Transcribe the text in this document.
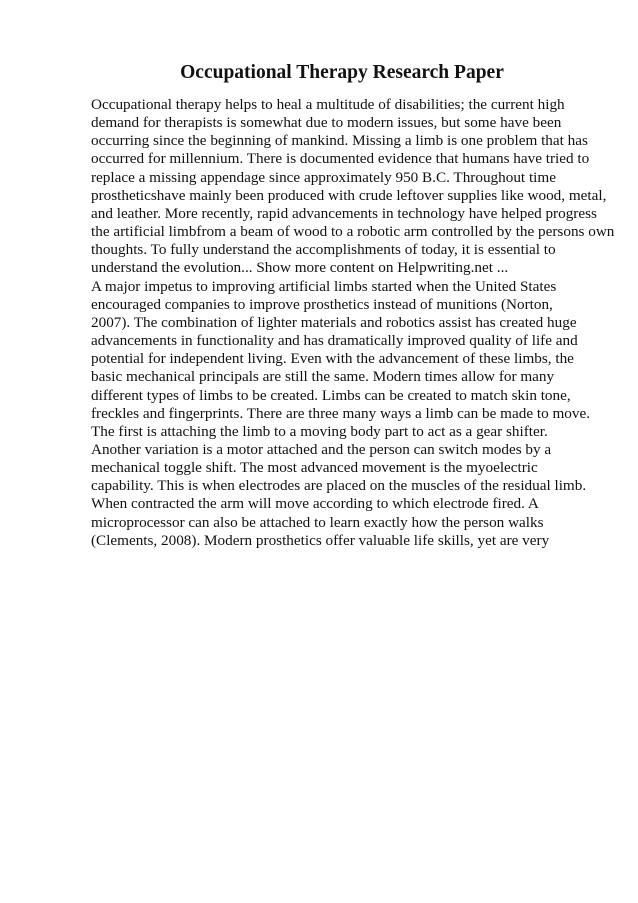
Occupational Therapy Research Paper
Occupational therapy helps to heal a multitude of disabilities; the current high
demand for therapists is somewhat due to modern issues, but some have been
occurring since the beginning of mankind. Missing a limb is one problem that has
occurred for millennium. There is documented evidence that humans have tried to
replace a missing appendage since approximately 950 B.C. Throughout time
prostheticshave mainly been produced with crude leftover supplies like wood, metal,
and leather. More recently, rapid advancements in technology have helped progress
the artificial limbfrom a beam of wood to a robotic arm controlled by the persons own
thoughts. To fully understand the accomplishments of today, it is essential to
understand the evolution... Show more content on Helpwriting.net ...
A major impetus to improving artificial limbs started when the United States
encouraged companies to improve prosthetics instead of munitions (Norton,
2007). The combination of lighter materials and robotics assist has created huge
advancements in functionality and has dramatically improved quality of life and
potential for independent living. Even with the advancement of these limbs, the
basic mechanical principals are still the same. Modern times allow for many
different types of limbs to be created. Limbs can be created to match skin tone,
freckles and fingerprints. There are three many ways a limb can be made to move.
The first is attaching the limb to a moving body part to act as a gear shifter.
Another variation is a motor attached and the person can switch modes by a
mechanical toggle shift. The most advanced movement is the myoelectric
capability. This is when electrodes are placed on the muscles of the residual limb.
When contracted the arm will move according to which electrode fired. A
microprocessor can also be attached to learn exactly how the person walks
(Clements, 2008). Modern prosthetics offer valuable life skills, yet are very
